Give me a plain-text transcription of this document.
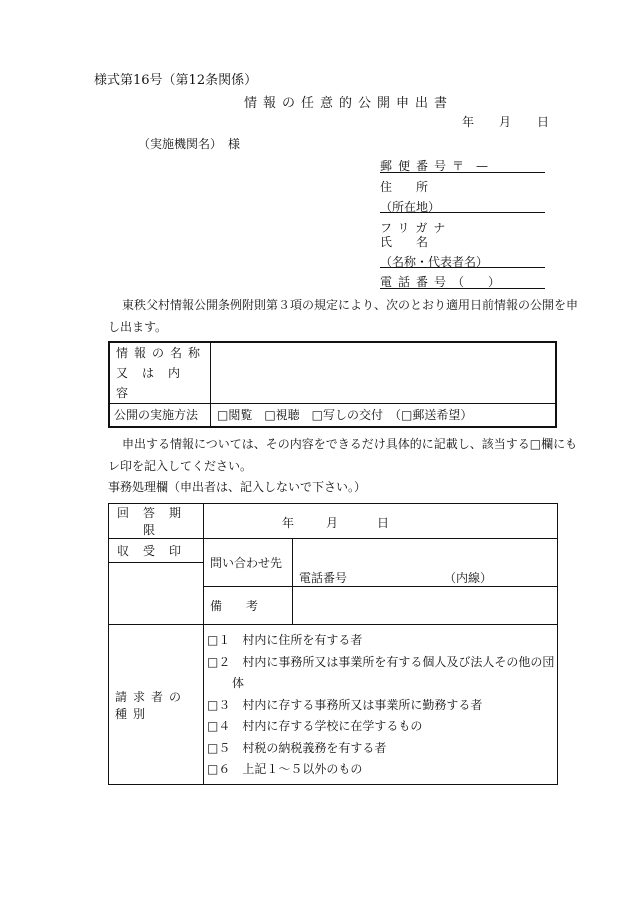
様式第16号（第12条関係）
情報の任意的公開申出書
年 月 日
（実施機関名）　様
郵便番号 〒　—
住　　所
（所在地）
フリガナ
氏　　名
（名称・代表者名）
電話番号 （　　）
東秩父村情報公開条例附則第３項の規定により、次のとおり適用日前情報の公開を申
し出ます。
情報の名称
又は内容	

公開の実施方法	□閲覧　□視聴　□写しの交付　（□郵送希望）
申出する情報については、その内容をできるだけ具体的に記載し、該当する□欄にも
レ印を記入してください。
事務処理欄（申出者は、記入しないで下さい。）
回答期限	年 月 日	

収受印	問い合わせ先	電話番号 （内線）

	備　　考	
請求者の種別		
□１　村内に住所を有する者
□２　村内に事務所又は事業所を有する個人及び法人その他の団
体
□３　村内に存する事務所又は事業所に勤務する者
□４　村内に存する学校に在学するもの
□５　村税の納税義務を有する者
□６　上記１～５以外のもの
